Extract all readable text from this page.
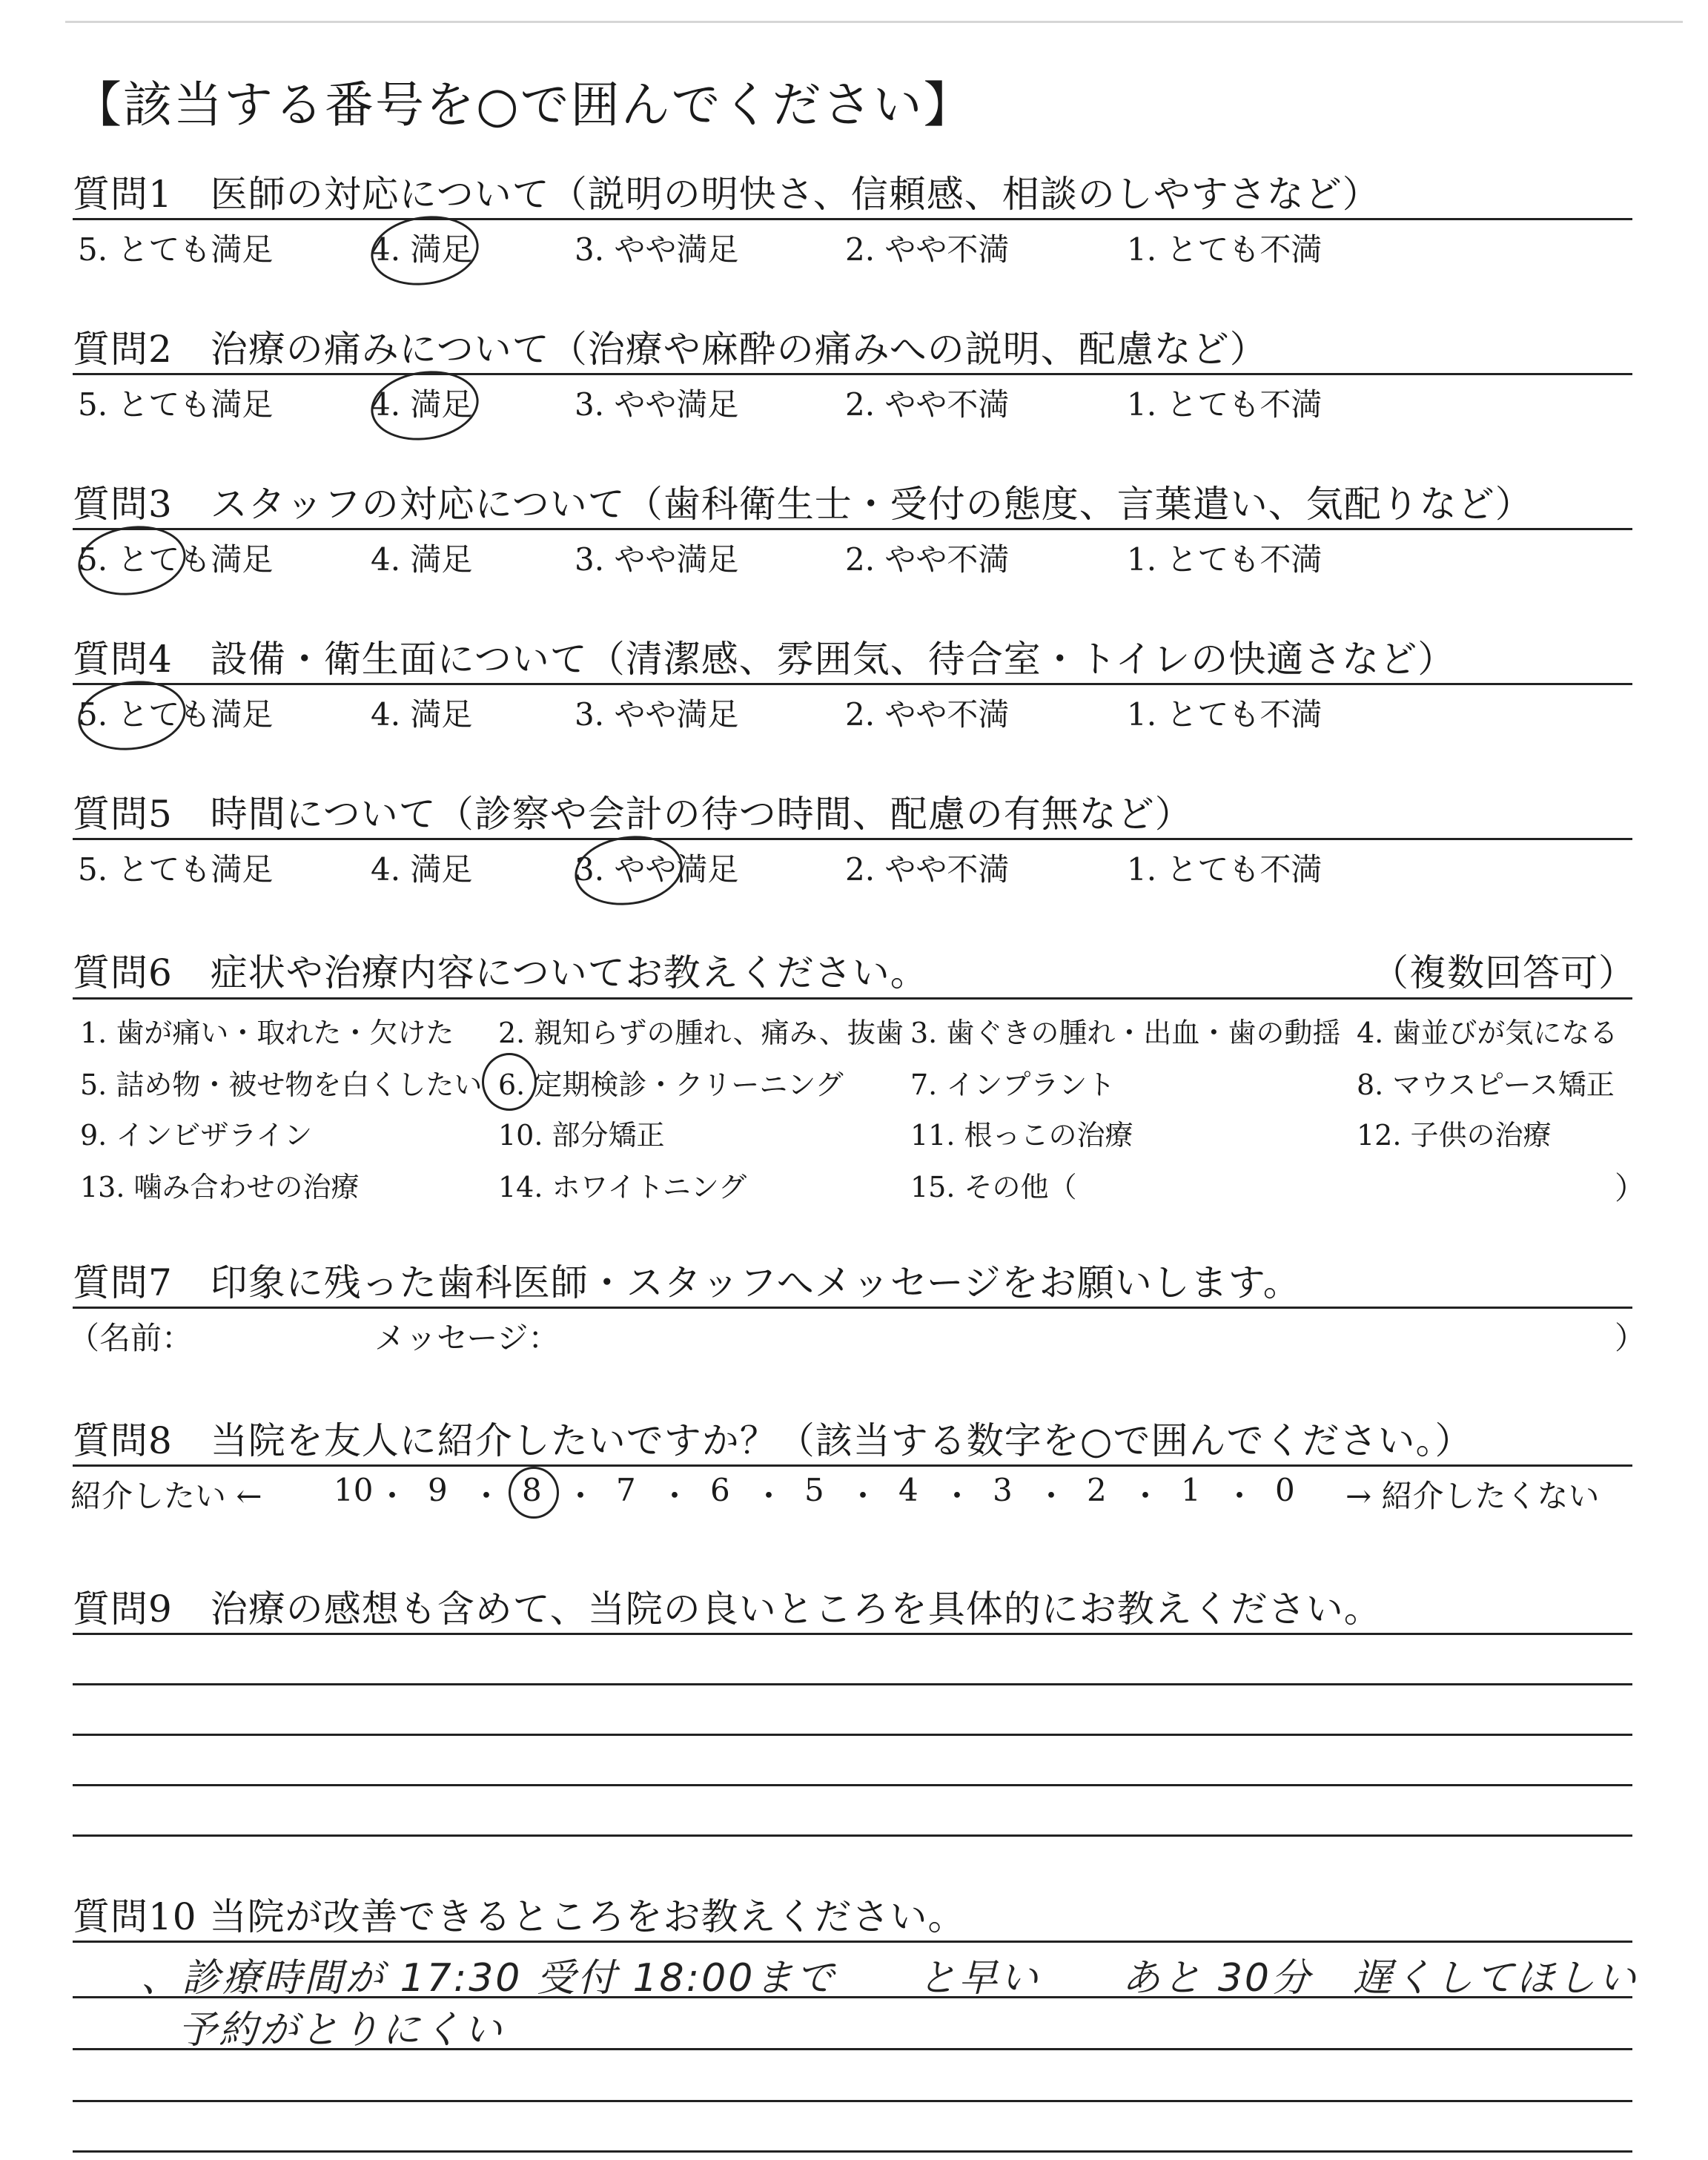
【該当する番号を○で囲んでください】
質問1　医師の対応について（説明の明快さ、信頼感、相談のしやすさなど）
5. とても満足	4. 満足	3. やや満足	2. やや不満	1. とても不満
質問2　治療の痛みについて（治療や麻酔の痛みへの説明、配慮など）
5. とても満足	4. 満足	3. やや満足	2. やや不満	1. とても不満
質問3　スタッフの対応について（歯科衛生士・受付の態度、言葉遣い、気配りなど）
5. とても満足	4. 満足	3. やや満足	2. やや不満	1. とても不満
質問4　設備・衛生面について（清潔感、雰囲気、待合室・トイレの快適さなど）
5. とても満足	4. 満足	3. やや満足	2. やや不満	1. とても不満
質問5　時間について（診察や会計の待つ時間、配慮の有無など）
5. とても満足	4. 満足	3. やや満足	2. やや不満	1. とても不満
質問6　症状や治療内容についてお教えください。	（複数回答可）
1. 歯が痛い・取れた・欠けた 2. 親知らずの腫れ、痛み、抜歯 3. 歯ぐきの腫れ・出血・歯の動揺 4. 歯並びが気になる
5. 詰め物・被せ物を白くしたい 6. 定期検診・クリーニング 7. インプラント	8. マウスピース矯正
9. インビザライン	10. 部分矯正	11. 根っこの治療	12. 子供の治療
13. 噛み合わせの治療	14. ホワイトニング	15. その他（	）
質問7　印象に残った歯科医師・スタッフへメッセージをお願いします。
（名前：	メッセージ：	）
質問8　当院を友人に紹介したいですか？（該当する数字を○で囲んでください。）
紹介したい ←	→ 紹介したくない
10 ・ 9 ・ 8 ・ 7 ・ 6 ・ 5 ・ 4 ・ 3 ・ 2 ・ 1 ・ 0
質問9　治療の感想も含めて、当院の良いところを具体的にお教えください。
質問10 当院が改善できるところをお教えください。
、診療時間が 17:30 受付 18:00まで　　と早い　　あと 30分　遅くしてほしい
予約がとりにくい
